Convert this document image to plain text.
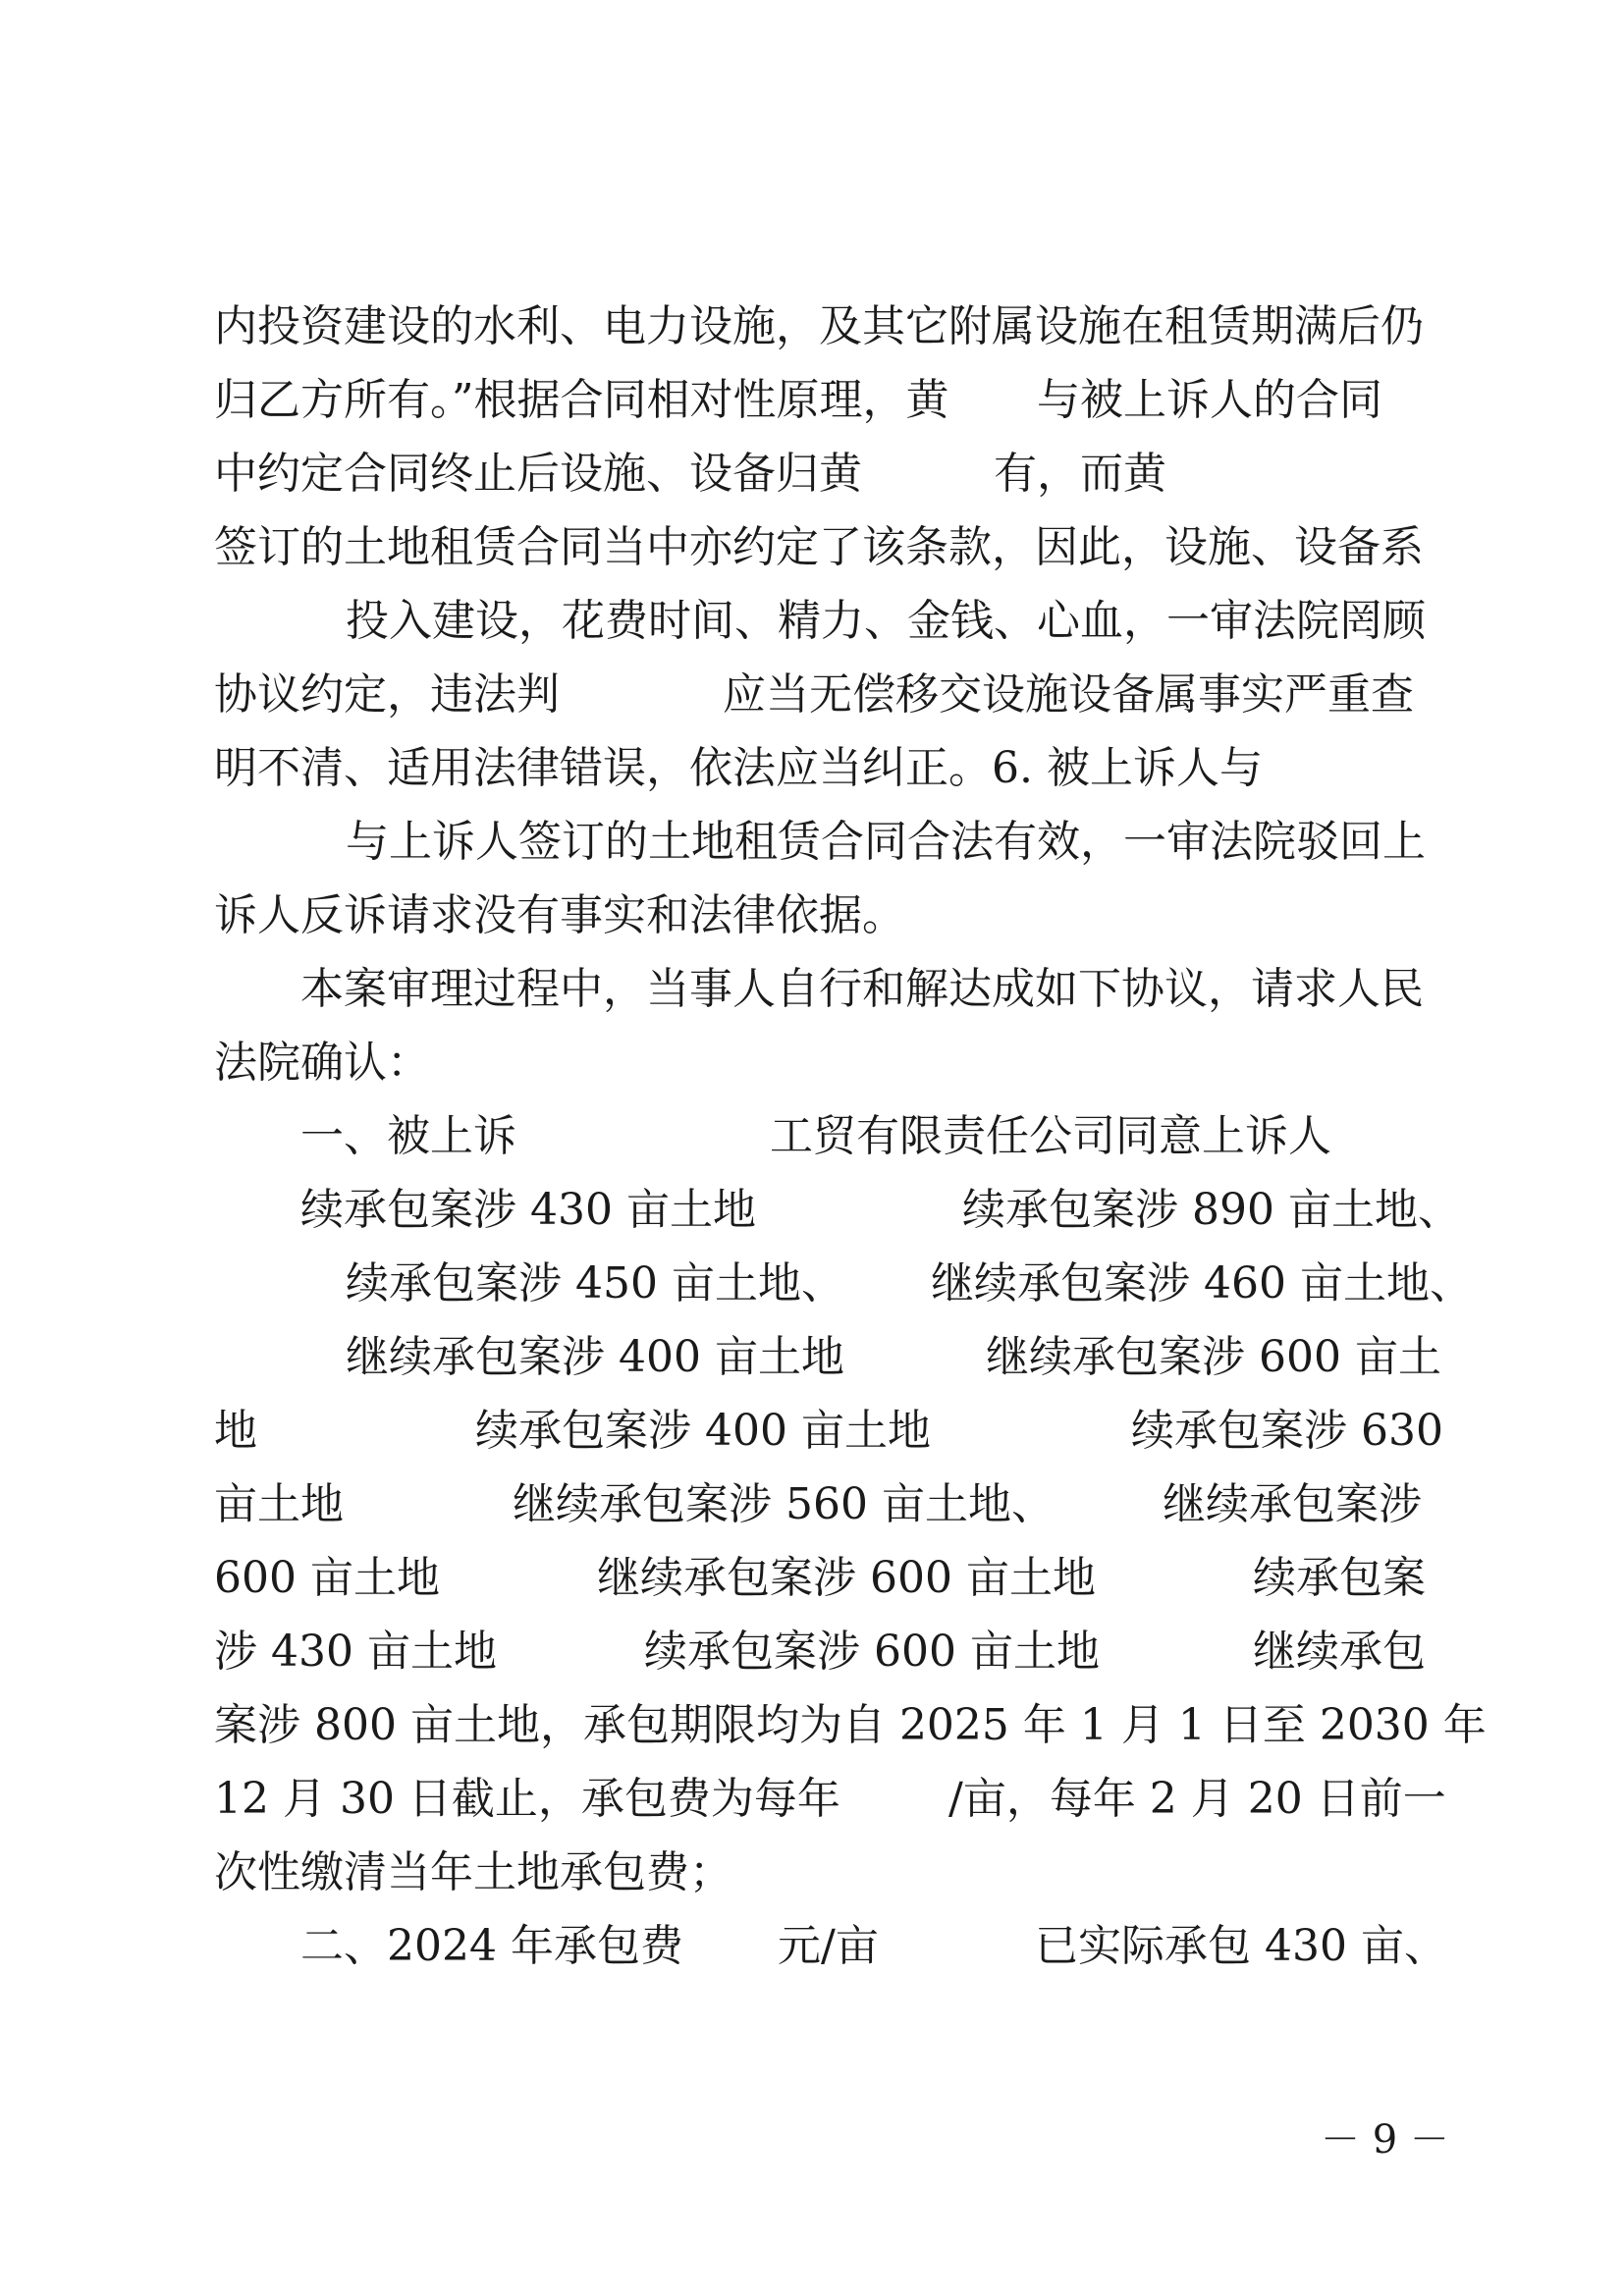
内投资建设的水利、电力设施，及其它附属设施在租赁期满后仍
归乙方所有。”根据合同相对性原理，黄 与被上诉人的合同
中约定合同终止后设施、设备归黄	有，而黄
签订的土地租赁合同当中亦约定了该条款，因此，设施、设备系
投入建设，花费时间、精力、金钱、心血，一审法院罔顾
协议约定，违法判	应当无偿移交设施设备属事实严重查
明不清、适用法律错误，依法应当纠正。6. 被上诉人与
与上诉人签订的土地租赁合同合法有效，一审法院驳回上
诉人反诉请求没有事实和法律依据。
本案审理过程中，当事人自行和解达成如下协议，请求人民
法院确认：
一、被上诉	工贸有限责任公司同意上诉人
续承包案涉 430 亩土地	续承包案涉 890 亩土地、
续承包案涉 450 亩土地、 继续承包案涉 460 亩土地、
继续承包案涉 400 亩土地	继续承包案涉 600 亩土
地	续承包案涉 400 亩土地	续承包案涉 630
亩土地	继续承包案涉 560 亩土地、	继续承包案涉
600 亩土地	继续承包案涉 600 亩土地	续承包案
涉 430 亩土地	续承包案涉 600 亩土地	继续承包
案涉 800 亩土地，承包期限均为自 2025 年 1 月 1 日至 2030 年
12 月 30 日截止，承包费为每年	/亩，每年 2 月 20 日前一
次性缴清当年土地承包费；
二、2024 年承包费 元/亩	已实际承包 430 亩、
－ 9 －
